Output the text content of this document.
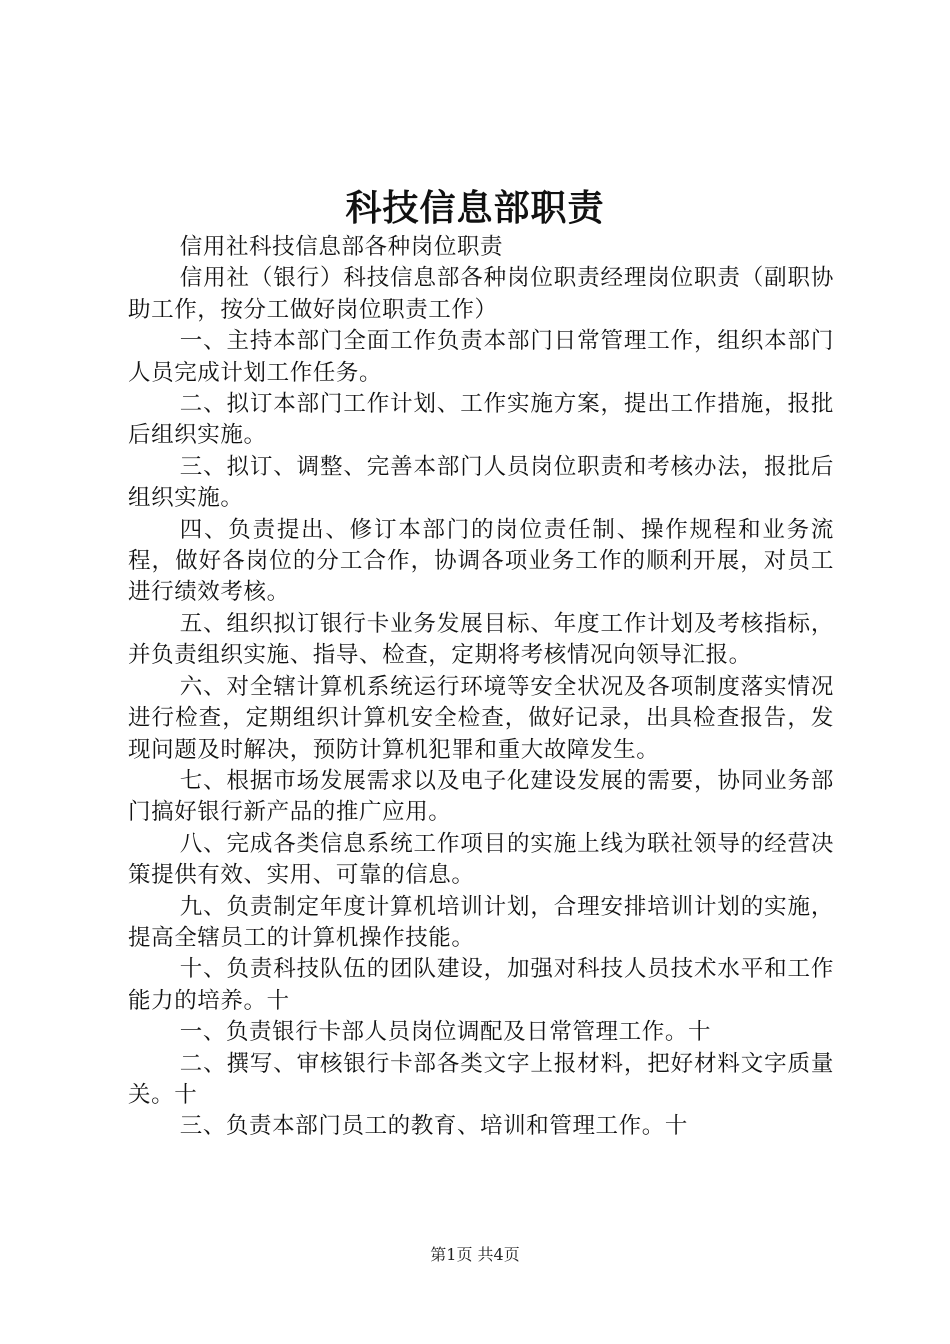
科技信息部职责

信用社科技信息部各种岗位职责

信用社（银行）科技信息部各种岗位职责经理岗位职责（副职协助工作，按分工做好岗位职责工作）

一、主持本部门全面工作负责本部门日常管理工作，组织本部门人员完成计划工作任务。

二、拟订本部门工作计划、工作实施方案，提出工作措施，报批后组织实施。

三、拟订、调整、完善本部门人员岗位职责和考核办法，报批后组织实施。

四、负责提出、修订本部门的岗位责任制、操作规程和业务流程，做好各岗位的分工合作，协调各项业务工作的顺利开展，对员工进行绩效考核。

五、组织拟订银行卡业务发展目标、年度工作计划及考核指标，并负责组织实施、指导、检查，定期将考核情况向领导汇报。

六、对全辖计算机系统运行环境等安全状况及各项制度落实情况进行检查，定期组织计算机安全检查，做好记录，出具检查报告，发现问题及时解决，预防计算机犯罪和重大故障发生。

七、根据市场发展需求以及电子化建设发展的需要，协同业务部门搞好银行新产品的推广应用。

八、完成各类信息系统工作项目的实施上线为联社领导的经营决策提供有效、实用、可靠的信息。

九、负责制定年度计算机培训计划，合理安排培训计划的实施，提高全辖员工的计算机操作技能。

十、负责科技队伍的团队建设，加强对科技人员技术水平和工作能力的培养。十

一、负责银行卡部人员岗位调配及日常管理工作。十

二、撰写、审核银行卡部各类文字上报材料，把好材料文字质量关。十

三、负责本部门员工的教育、培训和管理工作。十

第1页 共4页
